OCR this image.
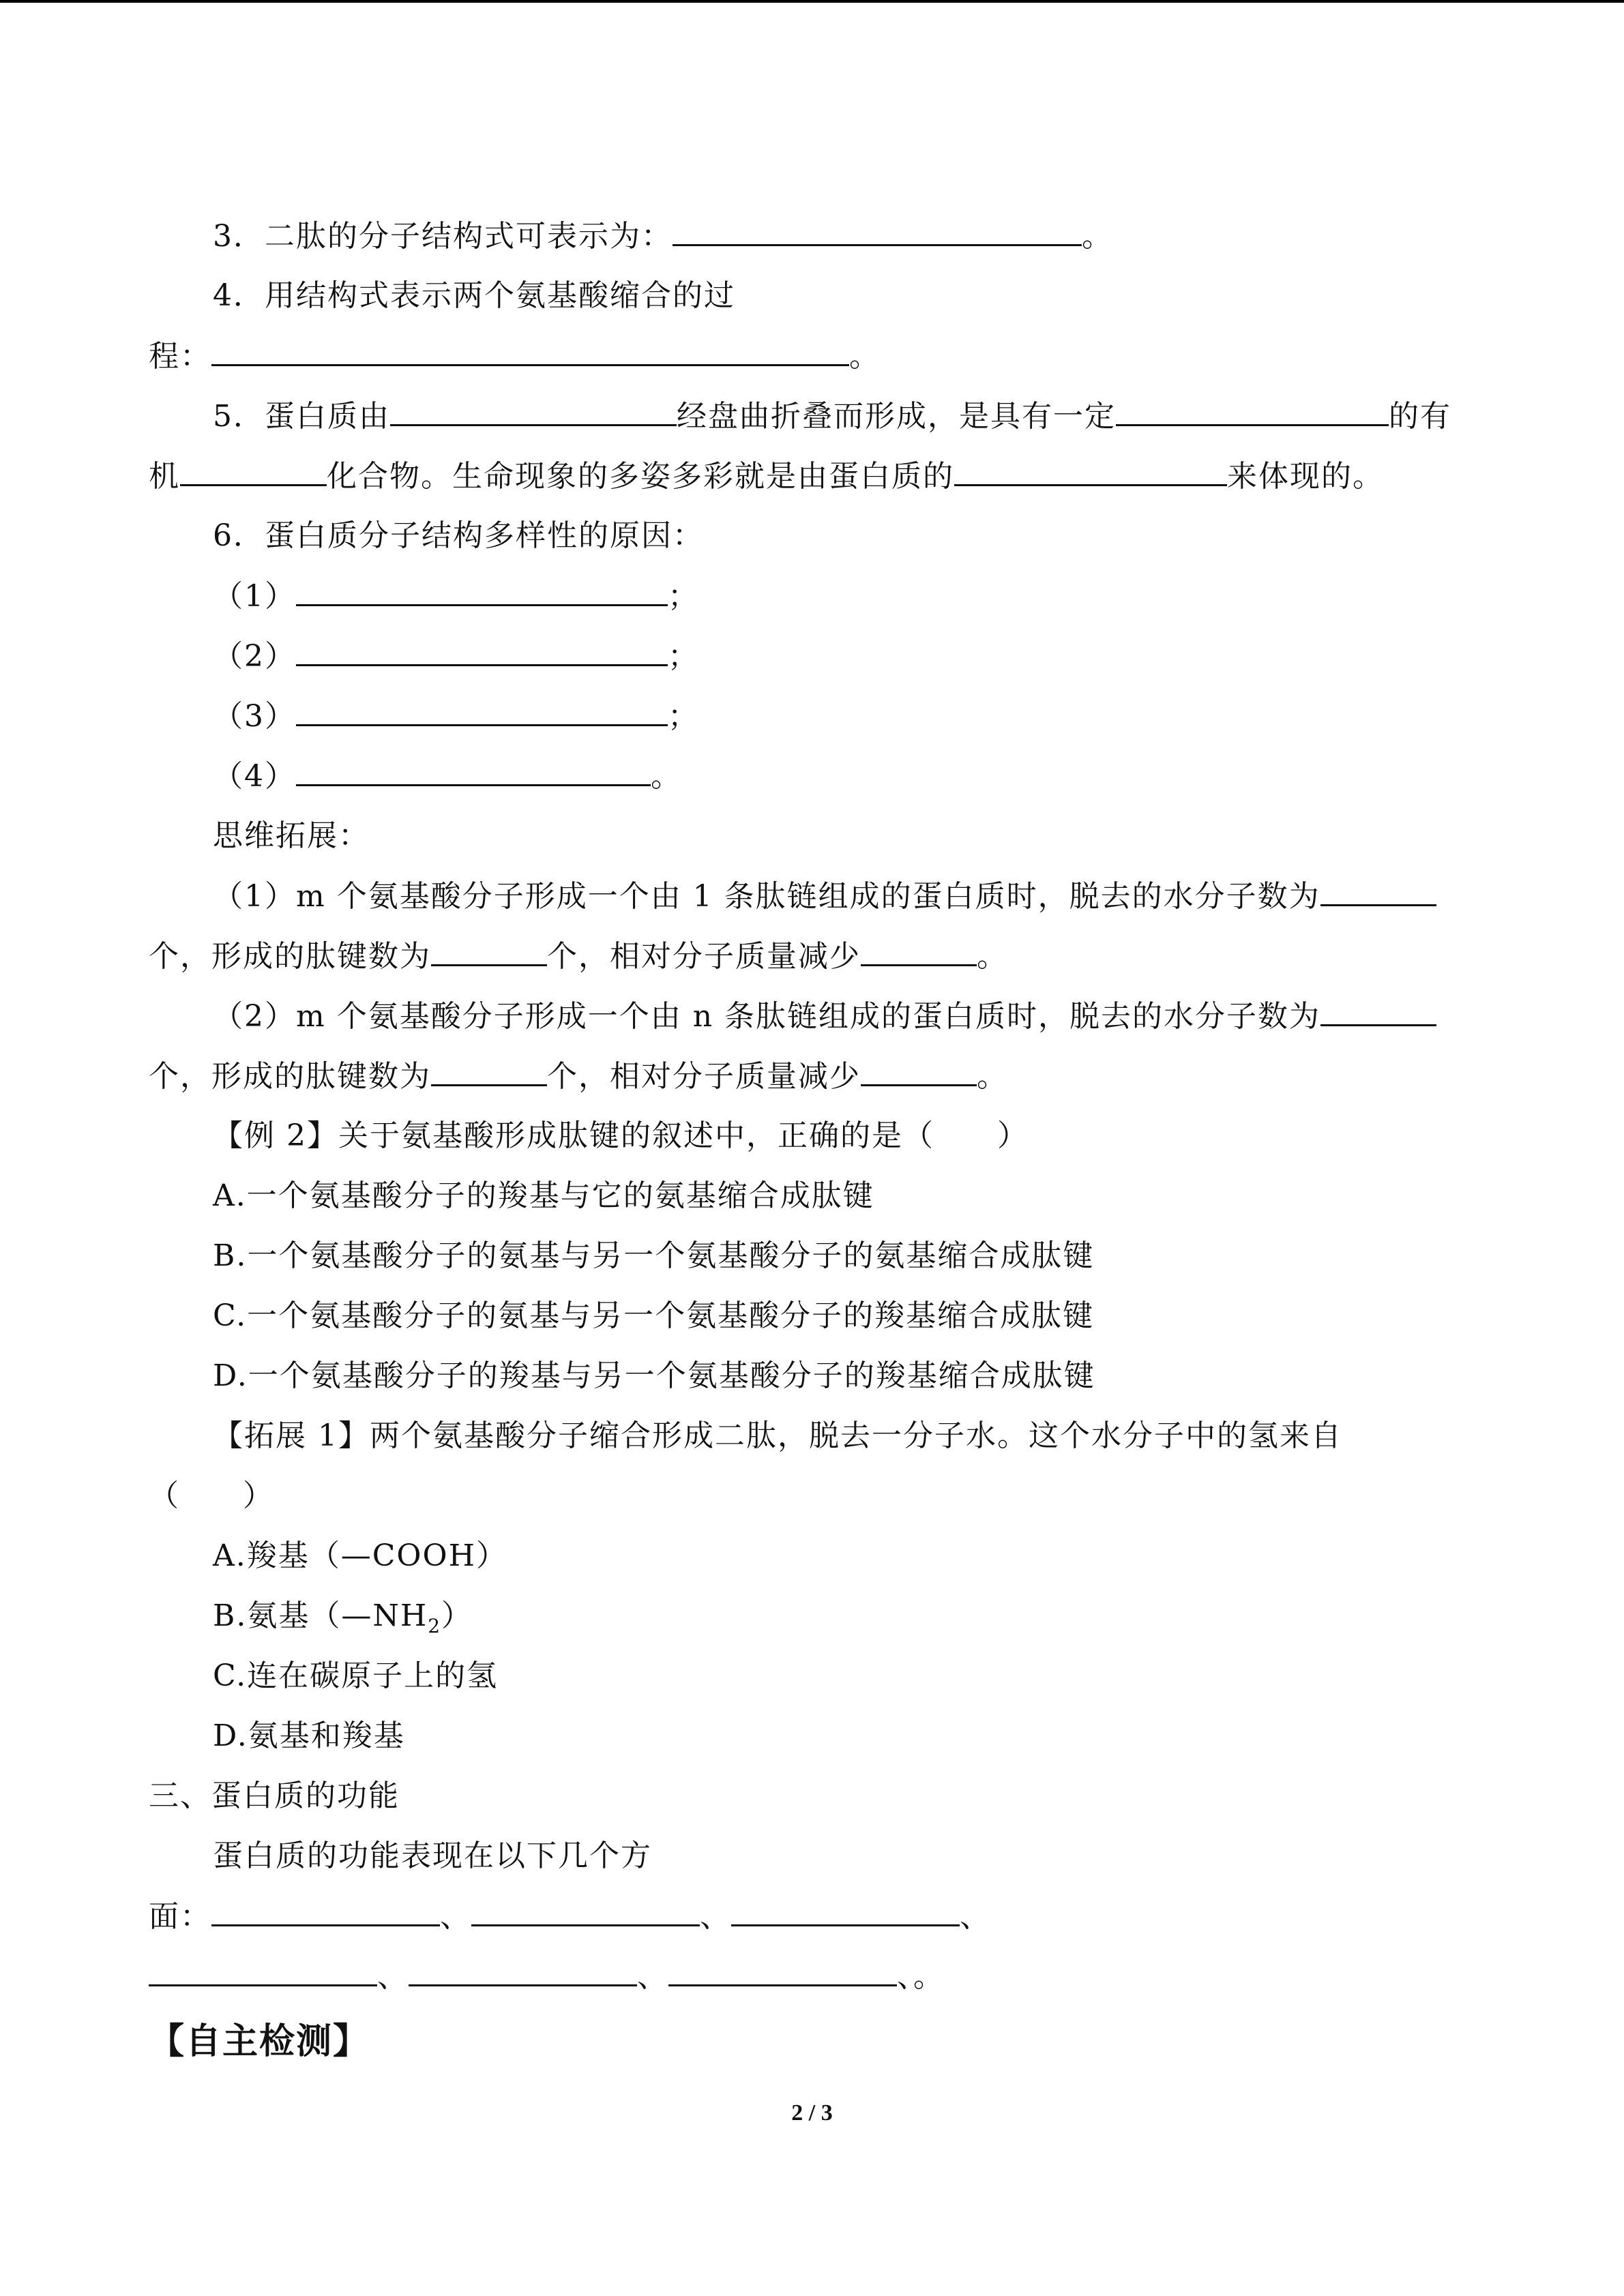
3．二肽的分子结构式可表示为：	。
4．用结构式表示两个氨基酸缩合的过
程：	。
5．蛋白质由	经盘曲折叠而形成，是具有一定	的有
机	化合物。生命现象的多姿多彩就是由蛋白质的	来体现的。
6．蛋白质分子结构多样性的原因：
（1）	；
（2）	；
（3）	；
（4）	。
思维拓展：
（1）m 个氨基酸分子形成一个由 1 条肽链组成的蛋白质时，脱去的水分子数为
个，形成的肽键数为	个，相对分子质量减少	。
（2）m 个氨基酸分子形成一个由 n 条肽链组成的蛋白质时，脱去的水分子数为
个，形成的肽键数为	个，相对分子质量减少	。
【例 2】关于氨基酸形成肽键的叙述中，正确的是（　　）
A.一个氨基酸分子的羧基与它的氨基缩合成肽键
B.一个氨基酸分子的氨基与另一个氨基酸分子的氨基缩合成肽键
C.一个氨基酸分子的氨基与另一个氨基酸分子的羧基缩合成肽键
D.一个氨基酸分子的羧基与另一个氨基酸分子的羧基缩合成肽键
【拓展 1】两个氨基酸分子缩合形成二肽，脱去一分子水。这个水分子中的氢来自
（　　）
A.羧基（—COOH）
B.氨基$(—NH_2)$
C.连在碳原子上的氢
D.氨基和羧基
三、蛋白质的功能
蛋白质的功能表现在以下几个方
面：	、	、	、
、	、	、。
【自主检测】
2 / 3
